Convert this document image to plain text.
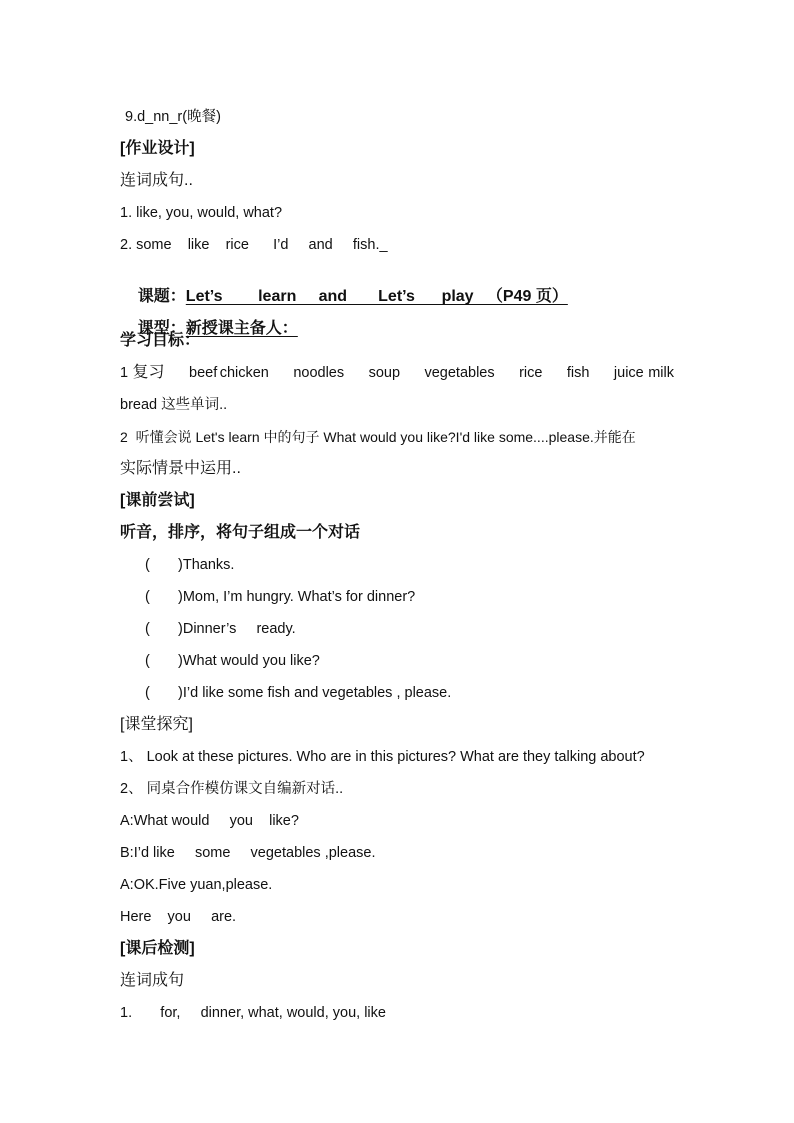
9.d_nn_r(晚餐)
[作业设计]
连词成句..
1. like, you, would, what?
2. some    like    rice      I’d     and     fish._

课题：Let’s        learn     and       Let’s      play   （P49 页）

课型：新授课主备人：

学习目标：
1 复习 beef chicken noodles soup vegetables rice fish juice milk
bread 这些单词..
2  听懂会说 Let's learn 中的句子 What would you like?I'd like some....please.并能在
实际情景中运用..
[课前尝试]
听音，排序，将句子组成一个对话
(       )Thanks.
(       )Mom, I’m hungry. What’s for dinner?
(       )Dinner’s     ready.
(       )What would you like?
(       )I’d like some fish and vegetables , please.
[课堂探究]
1、 Look at these pictures. Who are in this pictures? What are they talking about?
2、 同桌合作模仿课文自编新对话..
A:What would     you    like?
B:I’d like     some     vegetables ,please.
A:OK.Five yuan,please.
Here    you     are.
[课后检测]
连词成句
1.       for,     dinner, what, would, you, like
